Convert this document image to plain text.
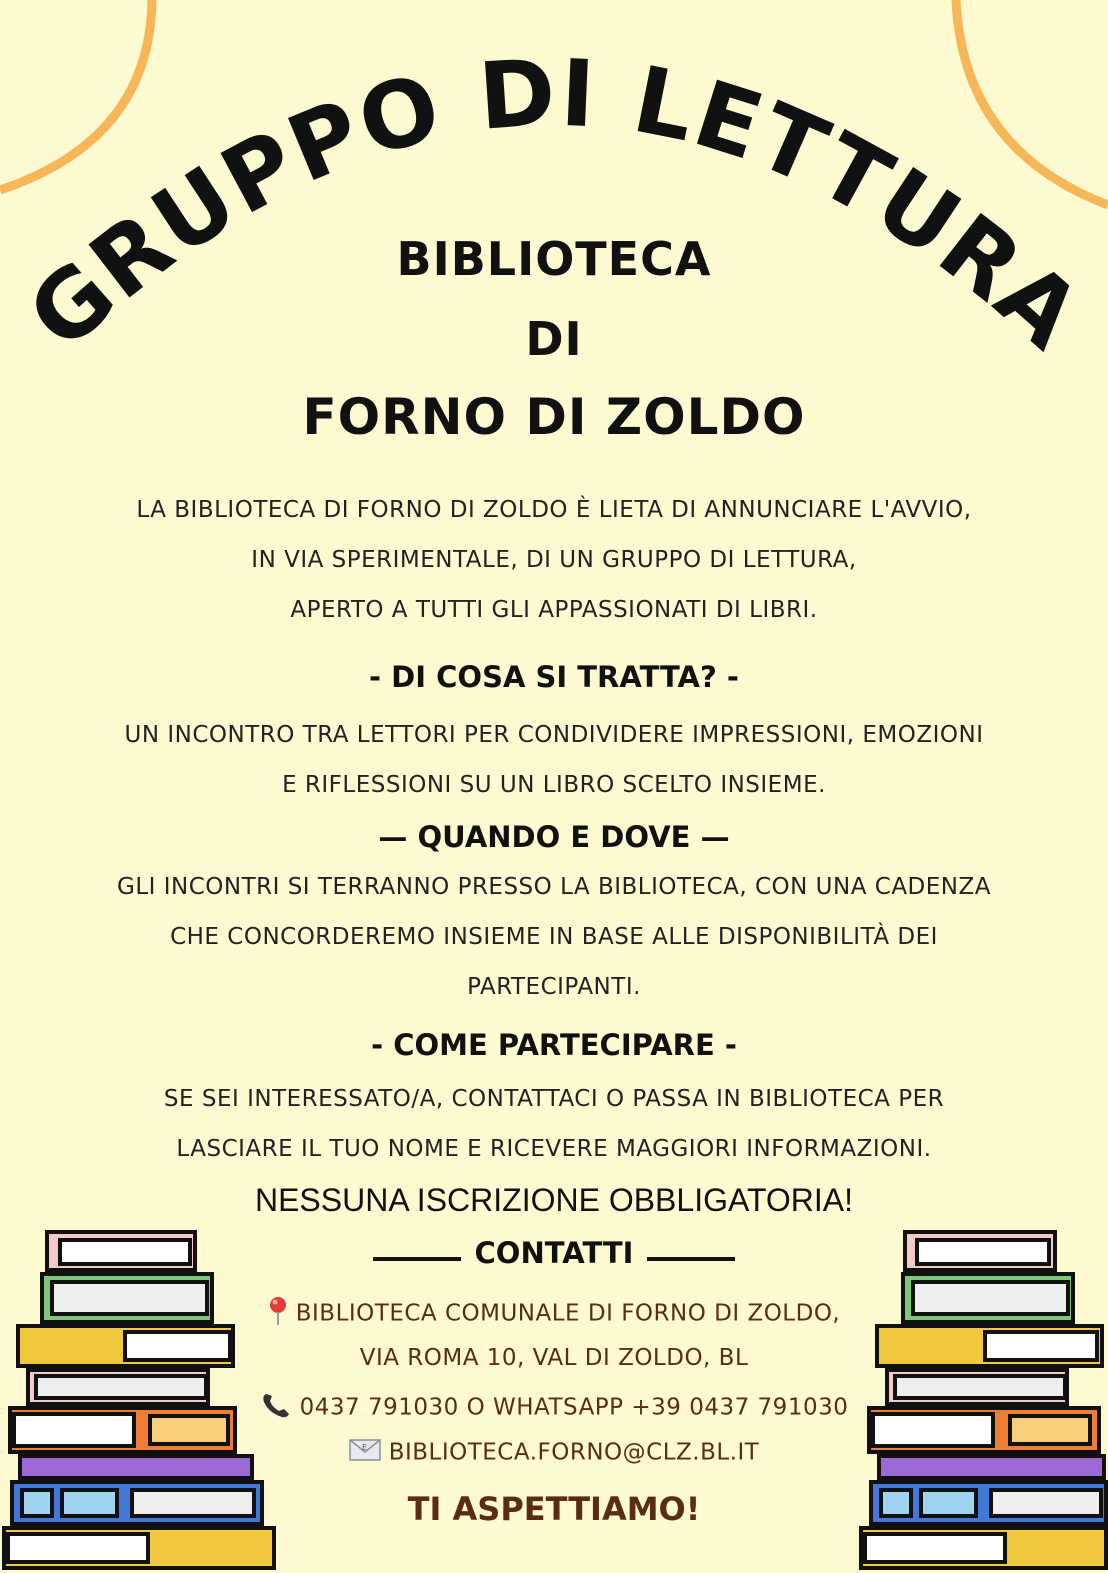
GRUPPO DI LETTURA
BIBLIOTECA
DI
FORNO DI ZOLDO
LA BIBLIOTECA DI FORNO DI ZOLDO È LIETA DI ANNUNCIARE L'AVVIO,
IN VIA SPERIMENTALE, DI UN GRUPPO DI LETTURA,
APERTO A TUTTI GLI APPASSIONATI DI LIBRI.
- DI COSA SI TRATTA? -
UN INCONTRO TRA LETTORI PER CONDIVIDERE IMPRESSIONI, EMOZIONI
E RIFLESSIONI SU UN LIBRO SCELTO INSIEME.
— QUANDO E DOVE —
GLI INCONTRI SI TERRANNO PRESSO LA BIBLIOTECA, CON UNA CADENZA
CHE CONCORDEREMO INSIEME IN BASE ALLE DISPONIBILITÀ DEI
PARTECIPANTI.
- COME PARTECIPARE -
SE SEI INTERESSATO/A, CONTATTACI O PASSA IN BIBLIOTECA PER
LASCIARE IL TUO NOME E RICEVERE MAGGIORI INFORMAZIONI.
NESSUNA ISCRIZIONE OBBLIGATORIA!
CONTATTI
BIBLIOTECA COMUNALE DI FORNO DI ZOLDO,
VIA ROMA 10, VAL DI ZOLDO, BL
0437 791030 O WHATSAPP +39 0437 791030
E BIBLIOTECA.FORNO@CLZ.BL.IT
TI ASPETTIAMO!
